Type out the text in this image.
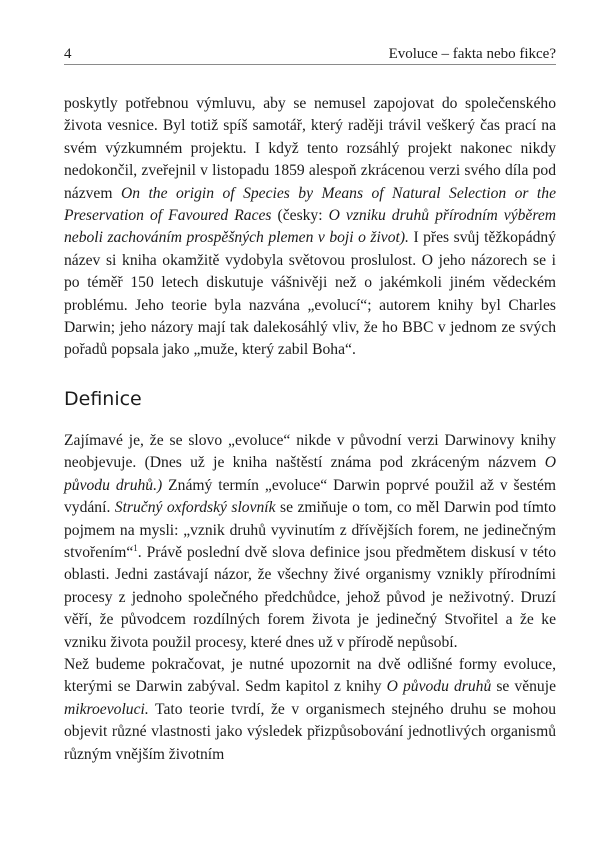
4	Evoluce – fakta nebo fikce?

poskytly potřebnou výmluvu, aby se nemusel zapojovat do společenského života vesnice. Byl totiž spíš samotář, který raději trávil veškerý čas prací na svém výzkumném projektu. I když tento rozsáhlý projekt nakonec nikdy nedokončil, zveřejnil v listopadu 1859 alespoň zkrácenou verzi svého díla pod názvem On the origin of Species by Means of Natural Selection or the Preservation of Favoured Races (česky: O vzniku druhů přírodním výběrem neboli zachováním prospěšných plemen v boji o život). I přes svůj těžkopádný název si kniha okamžitě vydobyla světovou proslulost. O jeho názorech se i po téměř 150 letech diskutuje vášnivěji než o jakémkoli jiném vědeckém problému. Jeho teorie byla nazvána „evolucí“; autorem knihy byl Charles Darwin; jeho názory mají tak dalekosáhlý vliv, že ho BBC v jednom ze svých pořadů popsala jako „muže, který zabil Boha“.

Definice

Zajímavé je, že se slovo „evoluce“ nikde v původní verzi Darwinovy knihy neobjevuje. (Dnes už je kniha naštěstí známa pod zkráceným názvem O původu druhů.) Známý termín „evoluce“ Darwin poprvé použil až v šestém vydání. Stručný oxfordský slovník se zmiňuje o tom, co měl Darwin pod tímto pojmem na mysli: „vznik druhů vyvinutím z dřívějších forem, ne jedinečným stvořením“$^1$. Právě poslední dvě slova definice jsou předmětem diskusí v této oblasti. Jedni zastávají názor, že všechny živé organismy vznikly přírodními procesy z jednoho společného předchůdce, jehož původ je neživotný. Druzí věří, že původcem rozdílných forem života je jedinečný Stvořitel a že ke vzniku života použil procesy, které dnes už v přírodě nepůsobí.

Než budeme pokračovat, je nutné upozornit na dvě odlišné formy evoluce, kterými se Darwin zabýval. Sedm kapitol z knihy O původu druhů se věnuje mikroevoluci. Tato teorie tvrdí, že v organismech stejného druhu se mohou objevit různé vlastnosti jako výsledek přizpůsobování jednotlivých organismů různým vnějším životním
